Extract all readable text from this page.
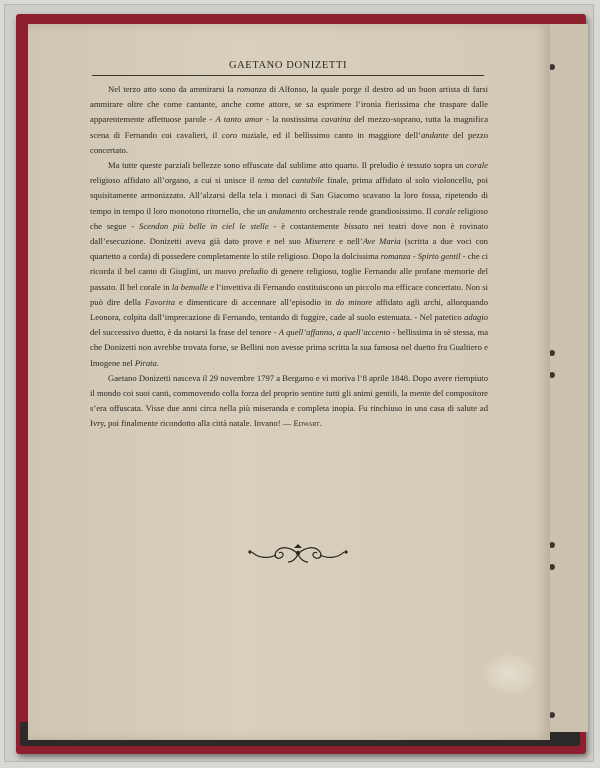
GAETANO DONIZETTI

Nel terzo atto sono da ammirarsi la romanza di Alfonso, la quale porge il destro ad un buon artista di farsi ammirare oltre che come cantante, anche come attore, se sa esprimere l’ironia fierissima che traspare dalle apparentemente affettuose parole - A tanto amor - la nostissima cavatina del mezzo-soprano, tutta la magnifica scena di Fernando coi cavalieri, il coro nuziale, ed il bellissimo canto in maggiore dell’andante del pezzo concertato.

Ma tutte queste parziali bellezze sono offuscate dal sublime atto quarto. Il preludio è tessuto sopra un corale religioso affidato all’organo, a cui si unisce il tema del cantabile finale, prima affidato al solo violoncello, poi squisitamente armonizzato. All’alzarsi della tela i monaci di San Giacomo scavano la loro fossa, ripetendo di tempo in tempo il loro monotono ritornello, che un andamento orchestrale rende grandiosissimo. Il corale religioso che segue - Scendon più belle in ciel le stelle - è costantemente bissato nei teatri dove non è rovinato dall’esecuzione. Donizetti aveva già dato prove e nel suo Miserere e nell’Ave Maria (scritta a due voci con quartetto a corda) di possedere completamente lo stile religioso. Dopo la dolcissima romanza - Spirto gentil - che ci ricorda il bel canto di Giuglini, un nuovo preludio di genere religioso, toglie Fernando alle profane memorie del passato. Il bel corale in la bemolle e l’invettiva di Fernando costituiscono un piccolo ma efficace concertato. Non si può dire della Favorita e dimenticare di accennare all’episodio in do minore affidato agli archi, allorquando Leonora, colpita dall’imprecazione di Fernando, tentando di fuggire, cade al suolo estenuata. - Nel patetico adagio del successivo duetto, è da notarsi la frase del tenore - A quell’affanno, a quell’accento - bellissima in sè stessa, ma che Donizetti non avrebbe trovata forse, se Bellini non avesse prima scritta la sua famosa nel duetto fra Gualtiero e Imogene nel Pirata.

Gaetano Donizetti nasceva il 29 novembre 1797 a Bergamo e vi moriva l’8 aprile 1848. Dopo avere riempiuto il mondo coi suoi canti, commovendo colla forza del proprio sentire tutti gli animi gentili, la mente del compositore s’era offuscata. Visse due anni circa nella più miseranda e completa inopia. Fu rinchiuso in una casa di salute ad Ivry, poi finalmente ricondotto alla città natale. Invano! — Edwart.
